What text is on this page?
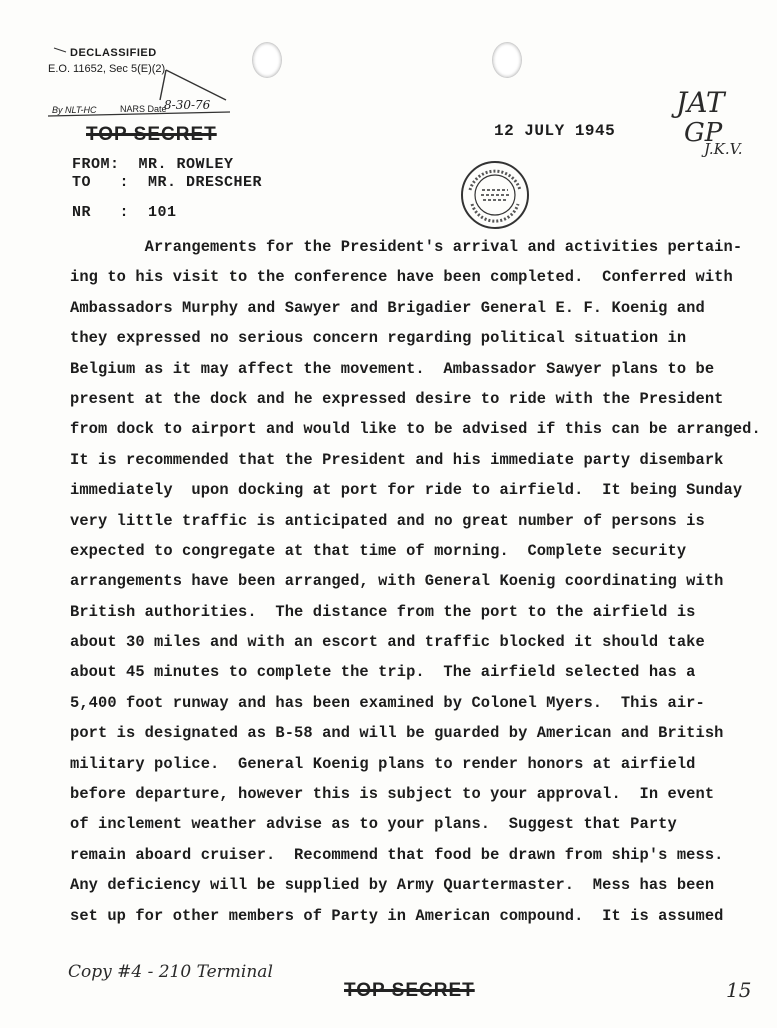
DECLASSIFIED
E.O. 11652, Sec 5(E)(2)
By NLT-HC	NARS Date
8-30-76
TOP SECRET	12 JULY 1945
JAT
GP
J.K.V.
FROM: MR. ROWLEY
TO   :  MR. DRESCHER
NR   :  101
Arrangements for the President's arrival and activities pertain-
ing to his visit to the conference have been completed.  Conferred with
Ambassadors Murphy and Sawyer and Brigadier General E. F. Koenig and
they expressed no serious concern regarding political situation in
Belgium as it may affect the movement.  Ambassador Sawyer plans to be
present at the dock and he expressed desire to ride with the President
from dock to airport and would like to be advised if this can be arranged.
It is recommended that the President and his immediate party disembark
immediately  upon docking at port for ride to airfield.  It being Sunday
very little traffic is anticipated and no great number of persons is
expected to congregate at that time of morning.  Complete security
arrangements have been arranged, with General Koenig coordinating with
British authorities.  The distance from the port to the airfield is
about 30 miles and with an escort and traffic blocked it should take
about 45 minutes to complete the trip.  The airfield selected has a
5,400 foot runway and has been examined by Colonel Myers.  This air-
port is designated as B-58 and will be guarded by American and British
military police.  General Koenig plans to render honors at airfield
before departure, however this is subject to your approval.  In event
of inclement weather advise as to your plans.  Suggest that Party
remain aboard cruiser.  Recommend that food be drawn from ship's mess.
Any deficiency will be supplied by Army Quartermaster.  Mess has been
set up for other members of Party in American compound.  It is assumed
Copy #4 - 210 Terminal
TOP SECRET	15
